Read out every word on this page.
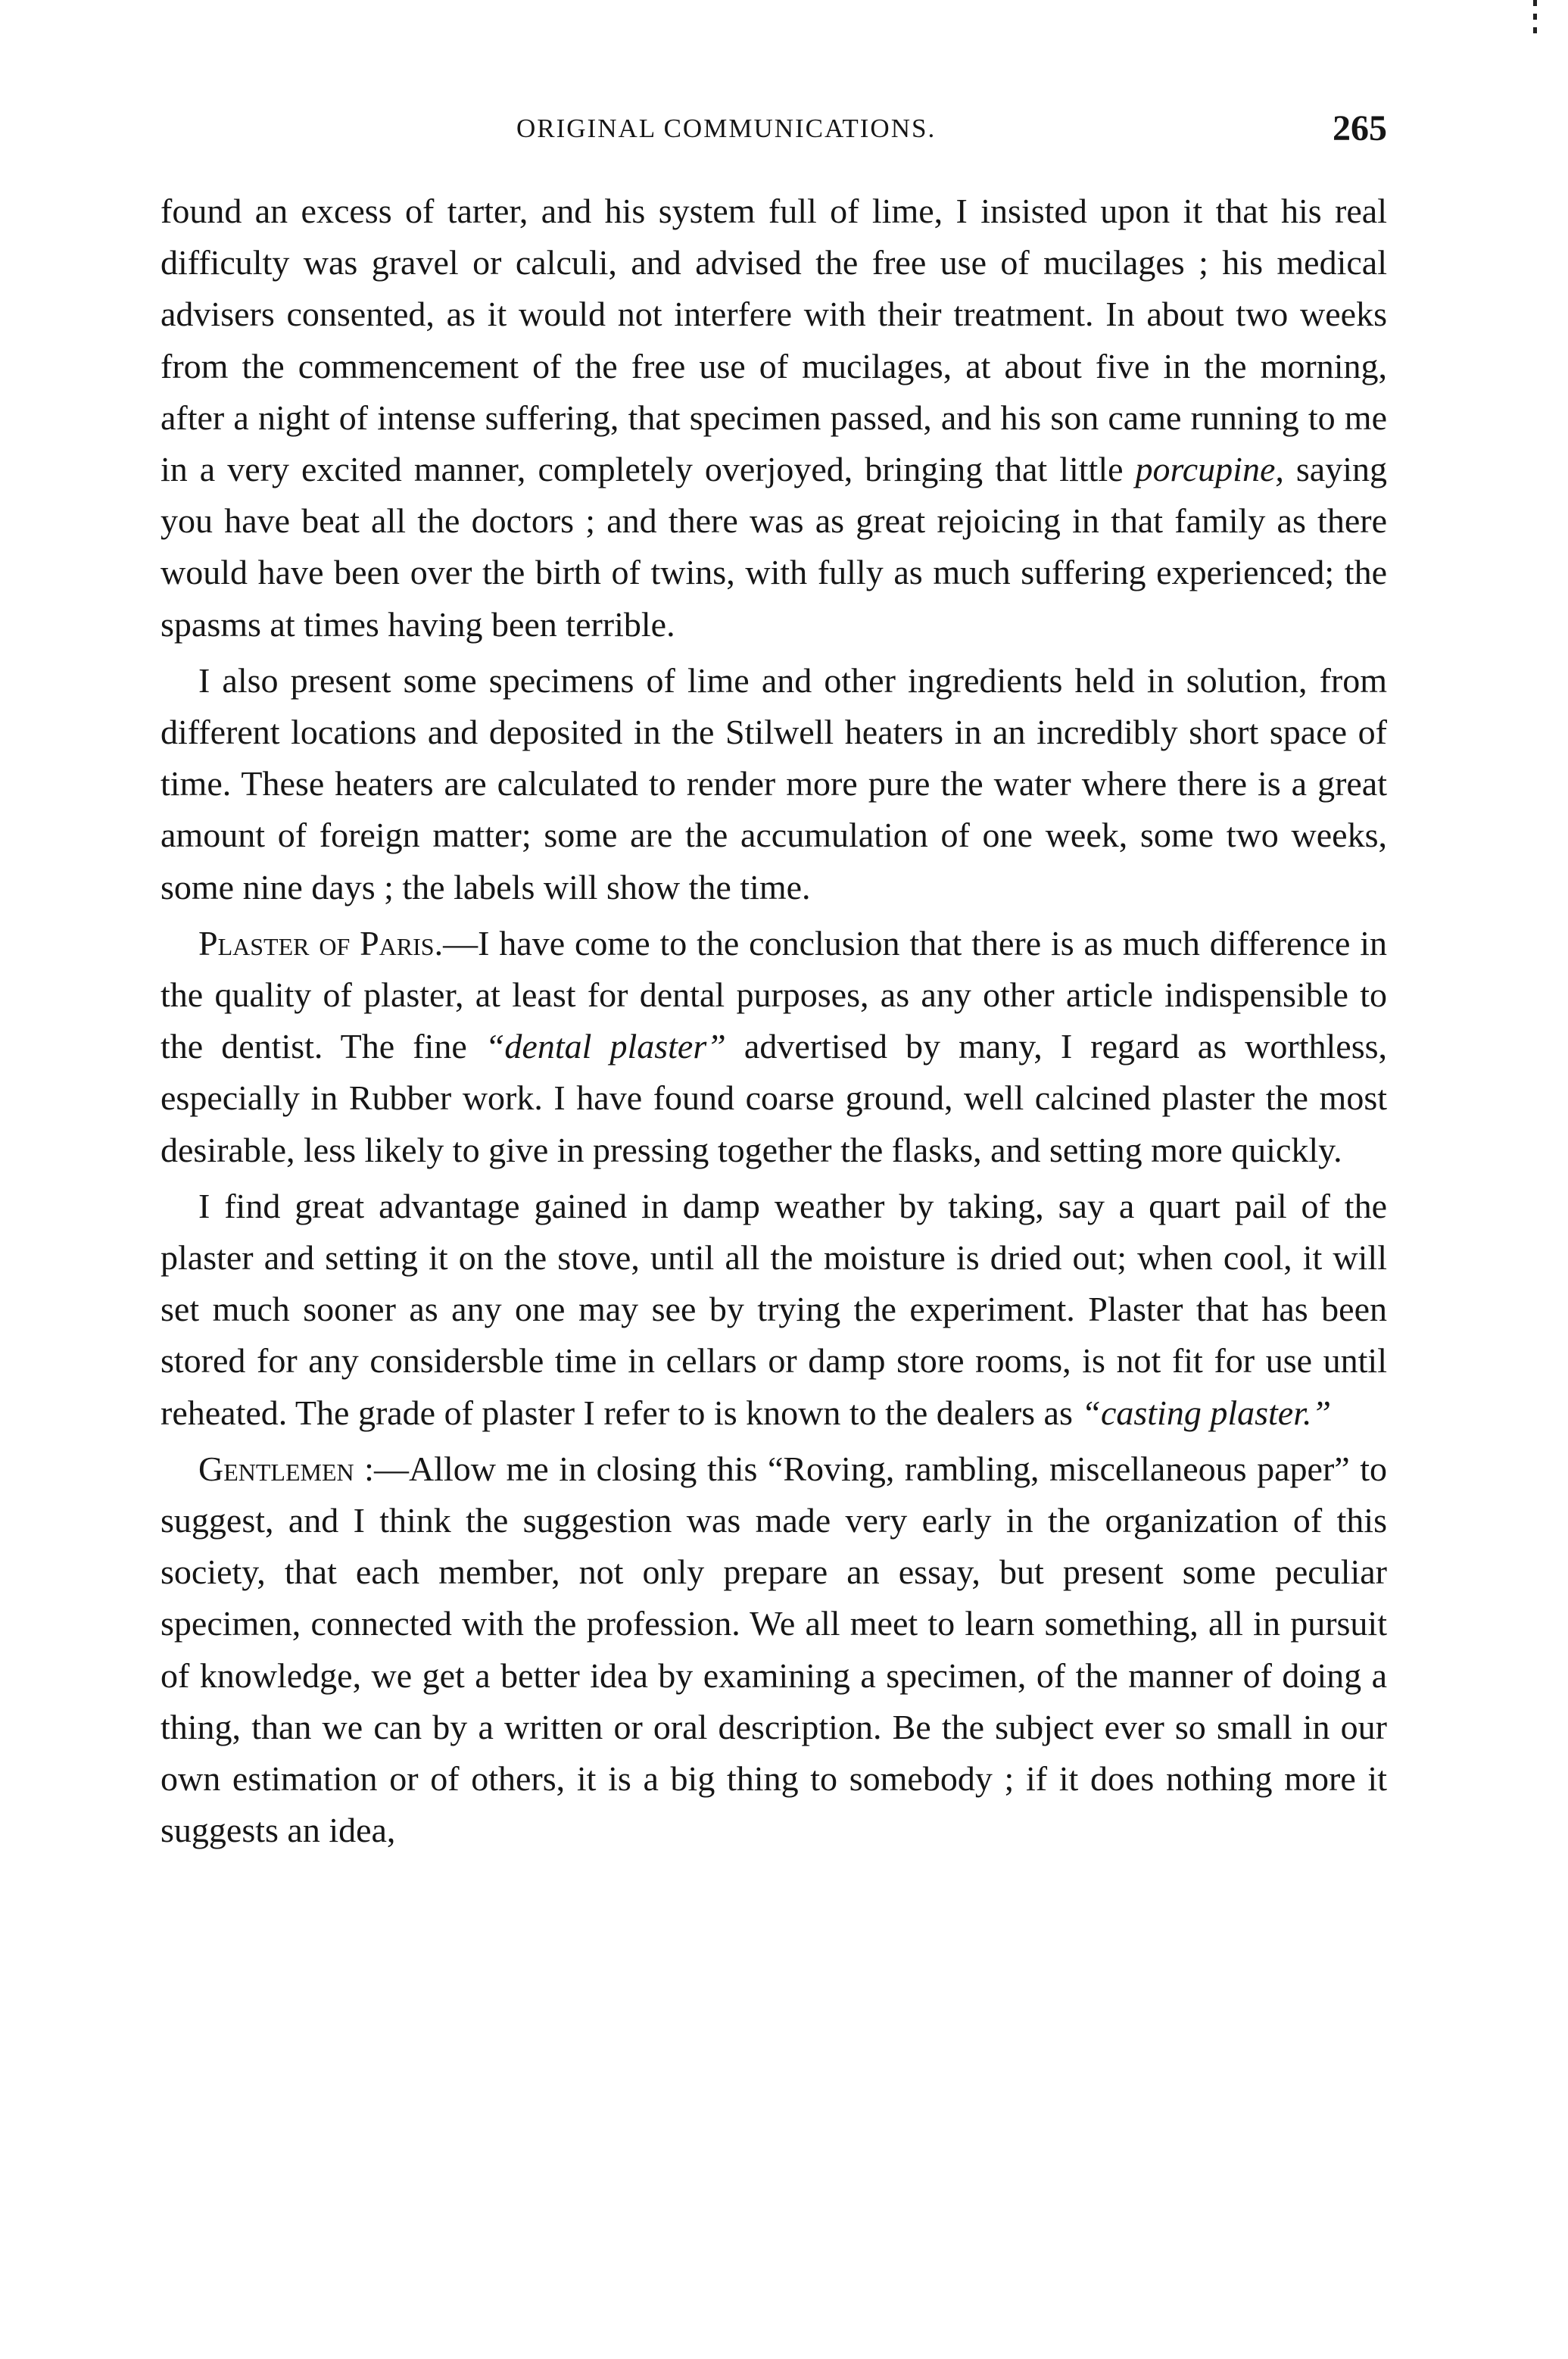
ORIGINAL COMMUNICATIONS.	265

found an excess of tarter, and his system full of lime, I insisted upon it that his real difficulty was gravel or calculi, and advised the free use of mucilages ; his medical advisers consented, as it would not interfere with their treatment. In about two weeks from the commencement of the free use of mucilages, at about five in the morning, after a night of intense suffering, that specimen passed, and his son came running to me in a very excited manner, completely overjoyed, bringing that little porcupine, saying you have beat all the doctors ; and there was as great rejoicing in that family as there would have been over the birth of twins, with fully as much suffering experienced; the spasms at times having been terrible.

I also present some specimens of lime and other ingredients held in solution, from different locations and deposited in the Stilwell heaters in an incredibly short space of time. These heaters are calculated to render more pure the water where there is a great amount of foreign matter; some are the accumulation of one week, some two weeks, some nine days ; the labels will show the time.

Plaster of Paris.—I have come to the conclusion that there is as much difference in the quality of plaster, at least for dental purposes, as any other article indispensible to the dentist. The fine “dental plaster” advertised by many, I regard as worthless, especially in Rubber work. I have found coarse ground, well calcined plaster the most desirable, less likely to give in pressing together the flasks, and setting more quickly.

I find great advantage gained in damp weather by taking, say a quart pail of the plaster and setting it on the stove, until all the moisture is dried out; when cool, it will set much sooner as any one may see by trying the experiment. Plaster that has been stored for any considersble time in cellars or damp store rooms, is not fit for use until reheated. The grade of plaster I refer to is known to the dealers as “casting plaster.”

Gentlemen :—Allow me in closing this “Roving, rambling, miscellaneous paper” to suggest, and I think the suggestion was made very early in the organization of this society, that each member, not only prepare an essay, but present some peculiar specimen, connected with the profession. We all meet to learn something, all in pursuit of knowledge, we get a better idea by examining a specimen, of the manner of doing a thing, than we can by a written or oral description. Be the subject ever so small in our own estimation or of others, it is a big thing to somebody ; if it does nothing more it suggests an idea,
